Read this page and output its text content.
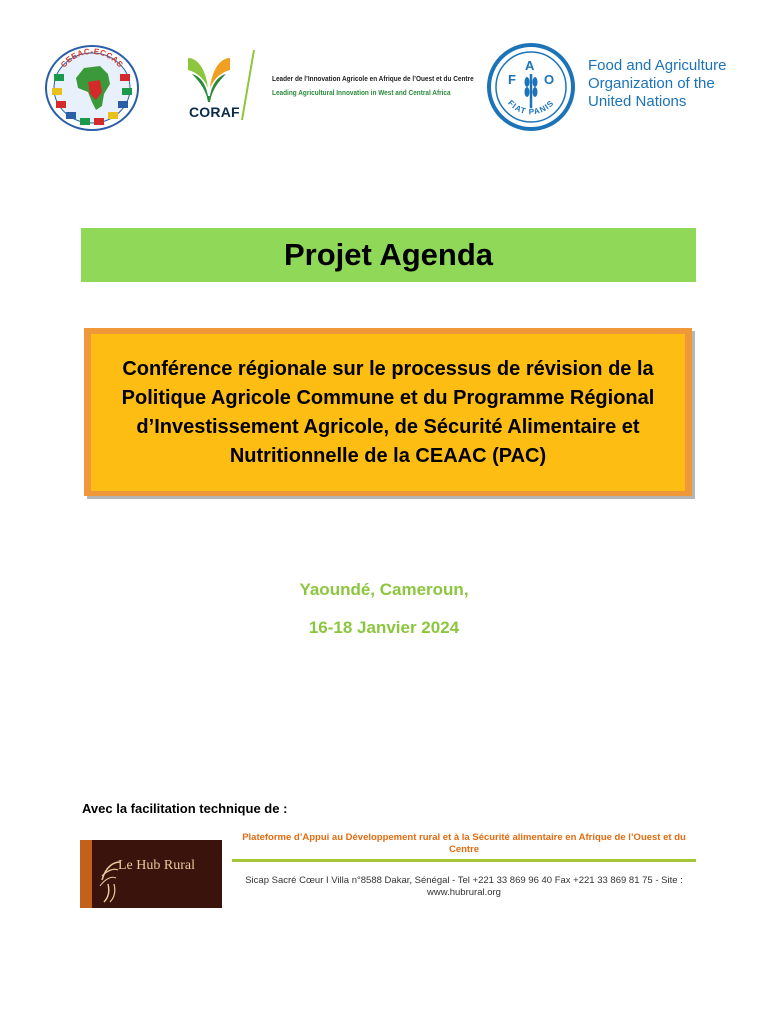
CEEAC-ECCAS
CORAF
Leader de l’Innovation Agricole en Afrique de l’Ouest et du Centre
Leading Agricultural Innovation in West and Central Africa
F
A
O
FIAT PANIS
Food and Agriculture
Organization of the
United Nations
Projet Agenda

Conférence régionale sur le processus de révision de la Politique Agricole Commune et du Programme Régional d’Investissement Agricole, de Sécurité Alimentaire et Nutritionnelle de la CEAAC (PAC)

Yaoundé, Cameroun,
16-18 Janvier 2024
Avec la facilitation technique de :
Le Hub Rural
Plateforme d’Appui au Développement rural et à la Sécurité alimentaire en Afrique de l’Ouest et du Centre
Sicap Sacré Cœur I Villa n°8588 Dakar, Sénégal - Tel +221 33 869 96 40 Fax +221 33 869 81 75 - Site : www.hubrural.org
